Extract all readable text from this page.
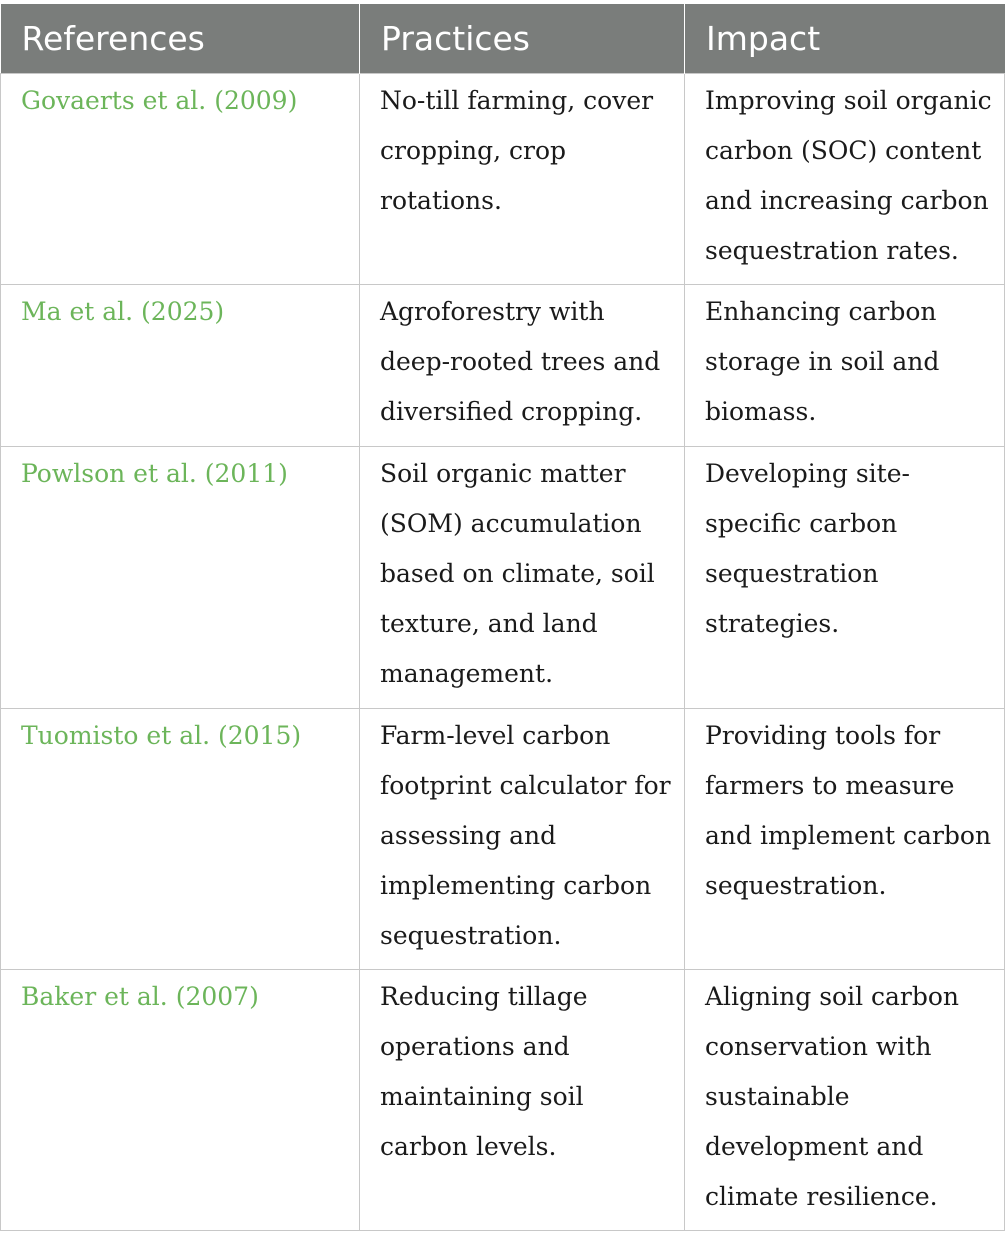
References	Practices	Impact
Govaerts et al. (2009)	No-till farming, cover cropping, crop rotations.	Improving soil organic carbon (SOC) content and increasing carbon sequestration rates.
Ma et al. (2025)	Agroforestry with deep-rooted trees and diversified cropping.	Enhancing carbon storage in soil and biomass.
Powlson et al. (2011)	Soil organic matter (SOM) accumulation based on climate, soil texture, and land management.	Developing site-specific carbon sequestration strategies.
Tuomisto et al. (2015)	Farm-level carbon footprint calculator for assessing and implementing carbon sequestration.	Providing tools for farmers to measure and implement carbon sequestration.
Baker et al. (2007)	Reducing tillage operations and maintaining soil carbon levels.	Aligning soil carbon conservation with sustainable development and climate resilience.
